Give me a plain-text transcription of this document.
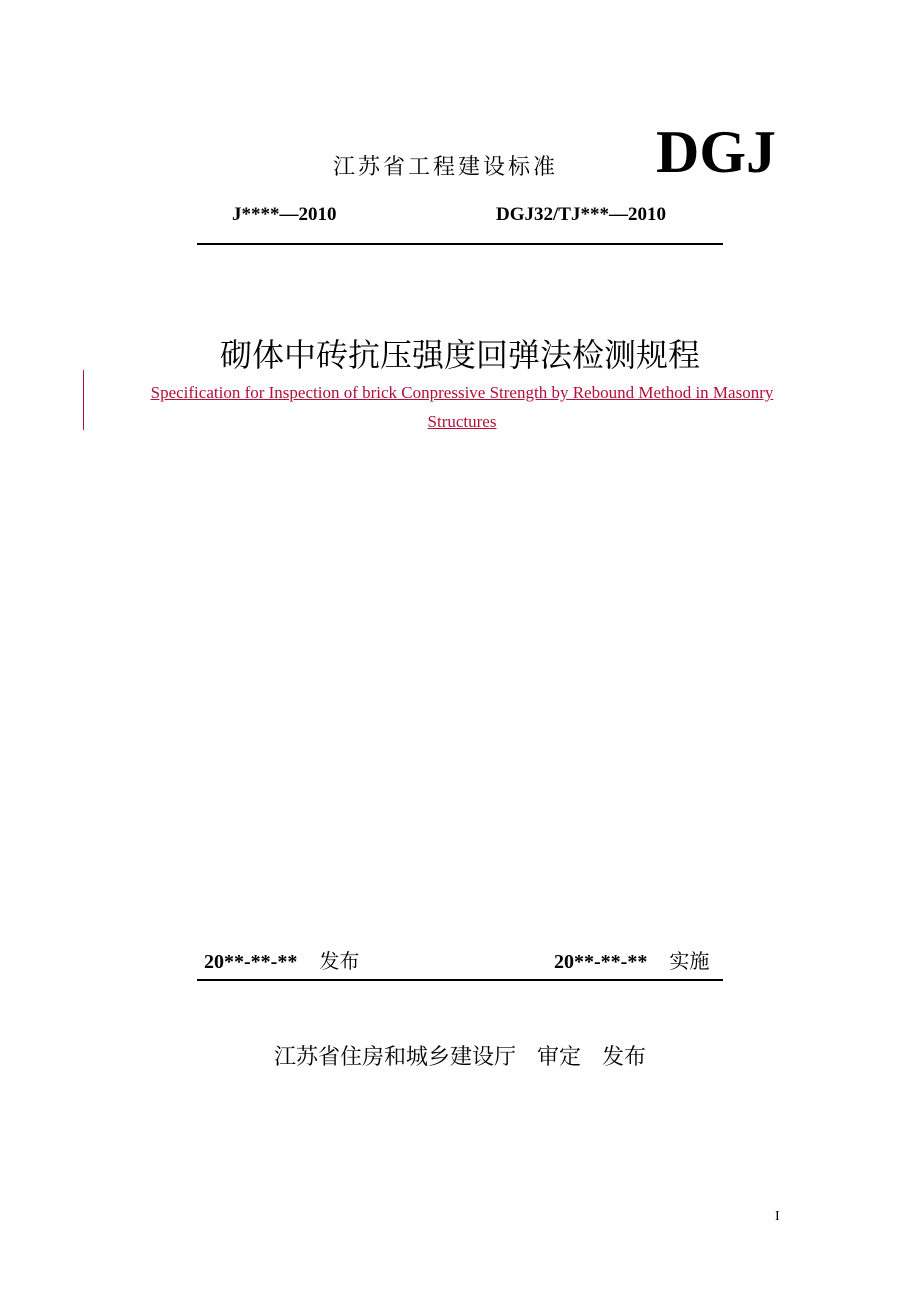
江苏省工程建设标准 DGJ
J****—2010	DGJ32/TJ***—2010
砌体中砖抗压强度回弹法检测规程
Specification for Inspection of brick Conpressive Strength by Rebound Method in Masonry Structures
20**-**-** 发布	20**-**-** 实施
江苏省住房和城乡建设厅   审定   发布
I
